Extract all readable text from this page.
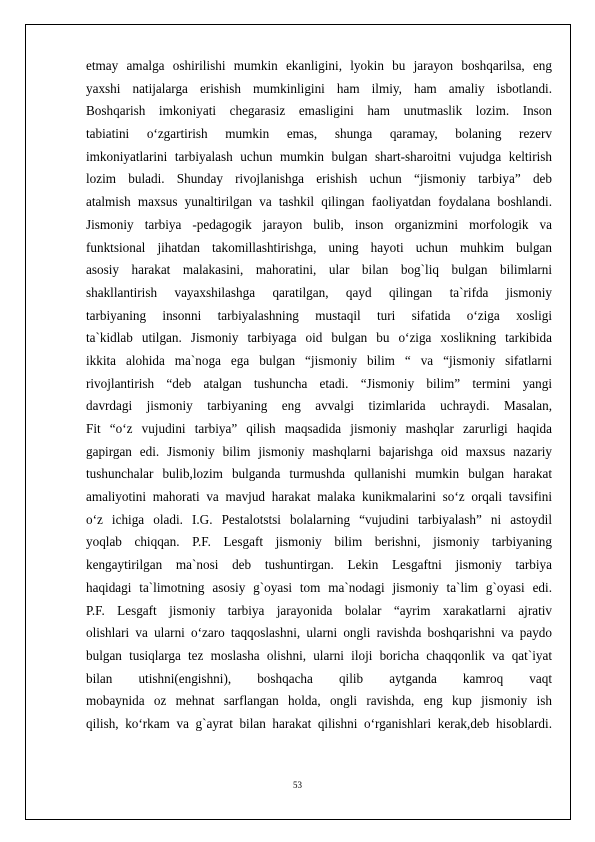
etmay amalga oshirilishi mumkin ekanligini, lyokin bu jarayon boshqarilsa, eng
yaxshi natijalarga erishish mumkinligini ham ilmiy, ham amaliy isbotlandi.
Boshqarish imkoniyati chegarasiz emasligini ham unutmaslik lozim. Inson
tabiatini o‘zgartirish mumkin emas, shunga qaramay, bolaning rezerv
imkoniyatlarini tarbiyalash uchun mumkin bulgan shart-sharoitni vujudga keltirish
lozim buladi. Shunday rivojlanishga erishish uchun “jismoniy tarbiya” deb
atalmish maxsus yunaltirilgan va tashkil qilingan faoliyatdan foydalana boshlandi.
Jismoniy tarbiya -pedagogik jarayon bulib, inson organizmini morfologik va
funktsional jihatdan takomillashtirishga, uning hayoti uchun muhkim bulgan
asosiy harakat malakasini, mahoratini, ular bilan bog`liq bulgan bilimlarni
shakllantirish vayaxshilashga qaratilgan, qayd qilingan ta`rifda jismoniy
tarbiyaning insonni tarbiyalashning mustaqil turi sifatida o‘ziga xosligi
ta`kidlab utilgan. Jismoniy tarbiyaga oid bulgan bu o‘ziga xoslikning tarkibida
ikkita alohida ma`noga ega bulgan “jismoniy bilim “ va “jismoniy sifatlarni
rivojlantirish “deb atalgan tushuncha etadi. “Jismoniy bilim” termini yangi
davrdagi jismoniy tarbiyaning eng avvalgi tizimlarida uchraydi. Masalan,
Fit “o‘z vujudini tarbiya” qilish maqsadida jismoniy mashqlar zarurligi haqida
gapirgan edi. Jismoniy bilim jismoniy mashqlarni bajarishga oid maxsus nazariy
tushunchalar bulib,lozim bulganda turmushda qullanishi mumkin bulgan harakat
amaliyotini mahorati va mavjud harakat malaka kunikmalarini so‘z orqali tavsifini
o‘z ichiga oladi. I.G. Pestalotstsi bolalarning “vujudini tarbiyalash” ni astoydil
yoqlab chiqqan. P.F. Lesgaft jismoniy bilim berishni, jismoniy tarbiyaning
kengaytirilgan ma`nosi deb tushuntirgan. Lekin Lesgaftni jismoniy tarbiya
haqidagi ta`limotning asosiy g`oyasi tom ma`nodagi jismoniy ta`lim g`oyasi edi.
P.F. Lesgaft jismoniy tarbiya jarayonida bolalar “ayrim xarakatlarni ajrativ
olishlari va ularni o‘zaro taqqoslashni, ularni ongli ravishda boshqarishni va paydo
bulgan tusiqlarga tez moslasha olishni, ularni iloji boricha chaqqonlik va qat`iyat
bilan utishni(engishni), boshqacha qilib aytganda kamroq vaqt
mobaynida oz mehnat sarflangan holda, ongli ravishda, eng kup jismoniy ish
qilish, ko‘rkam va g`ayrat bilan harakat qilishni o‘rganishlari kerak,deb hisoblardi.
53
